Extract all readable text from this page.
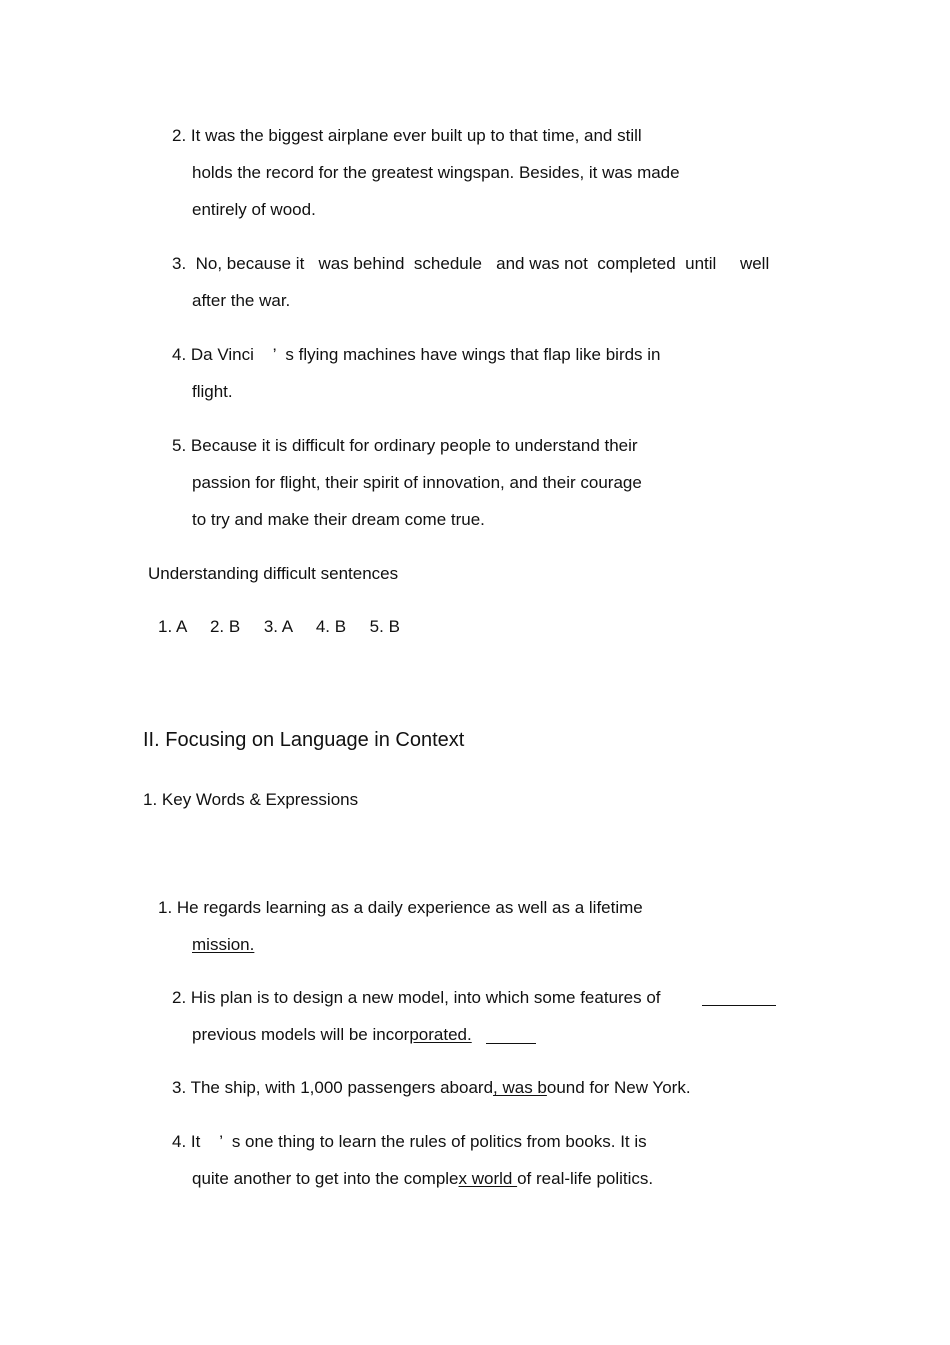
2. It was the biggest airplane ever built up to that time, and still
holds the record for the greatest wingspan. Besides, it was made
entirely of wood.
3.  No, because it   was behind  schedule   and was not  completed  until     well
after the war.
4. Da Vinci    ’  s flying machines have wings that flap like birds in
flight.
5. Because it is difficult for ordinary people to understand their
passion for flight, their spirit of innovation, and their courage
to try and make their dream come true.
Understanding difficult sentences
1. A     2. B     3. A     4. B     5. B
II. Focusing on Language in Context
1. Key Words & Expressions
1. He regards learning as a daily experience as well as a lifetime
mission.
2. His plan is to design a new model, into which some features of
previous models will be incorporated.
3. The ship, with 1,000 passengers aboard, was bound for New York.
4. It    ’  s one thing to learn the rules of politics from books. It is
quite another to get into the complex world of real-life politics.
